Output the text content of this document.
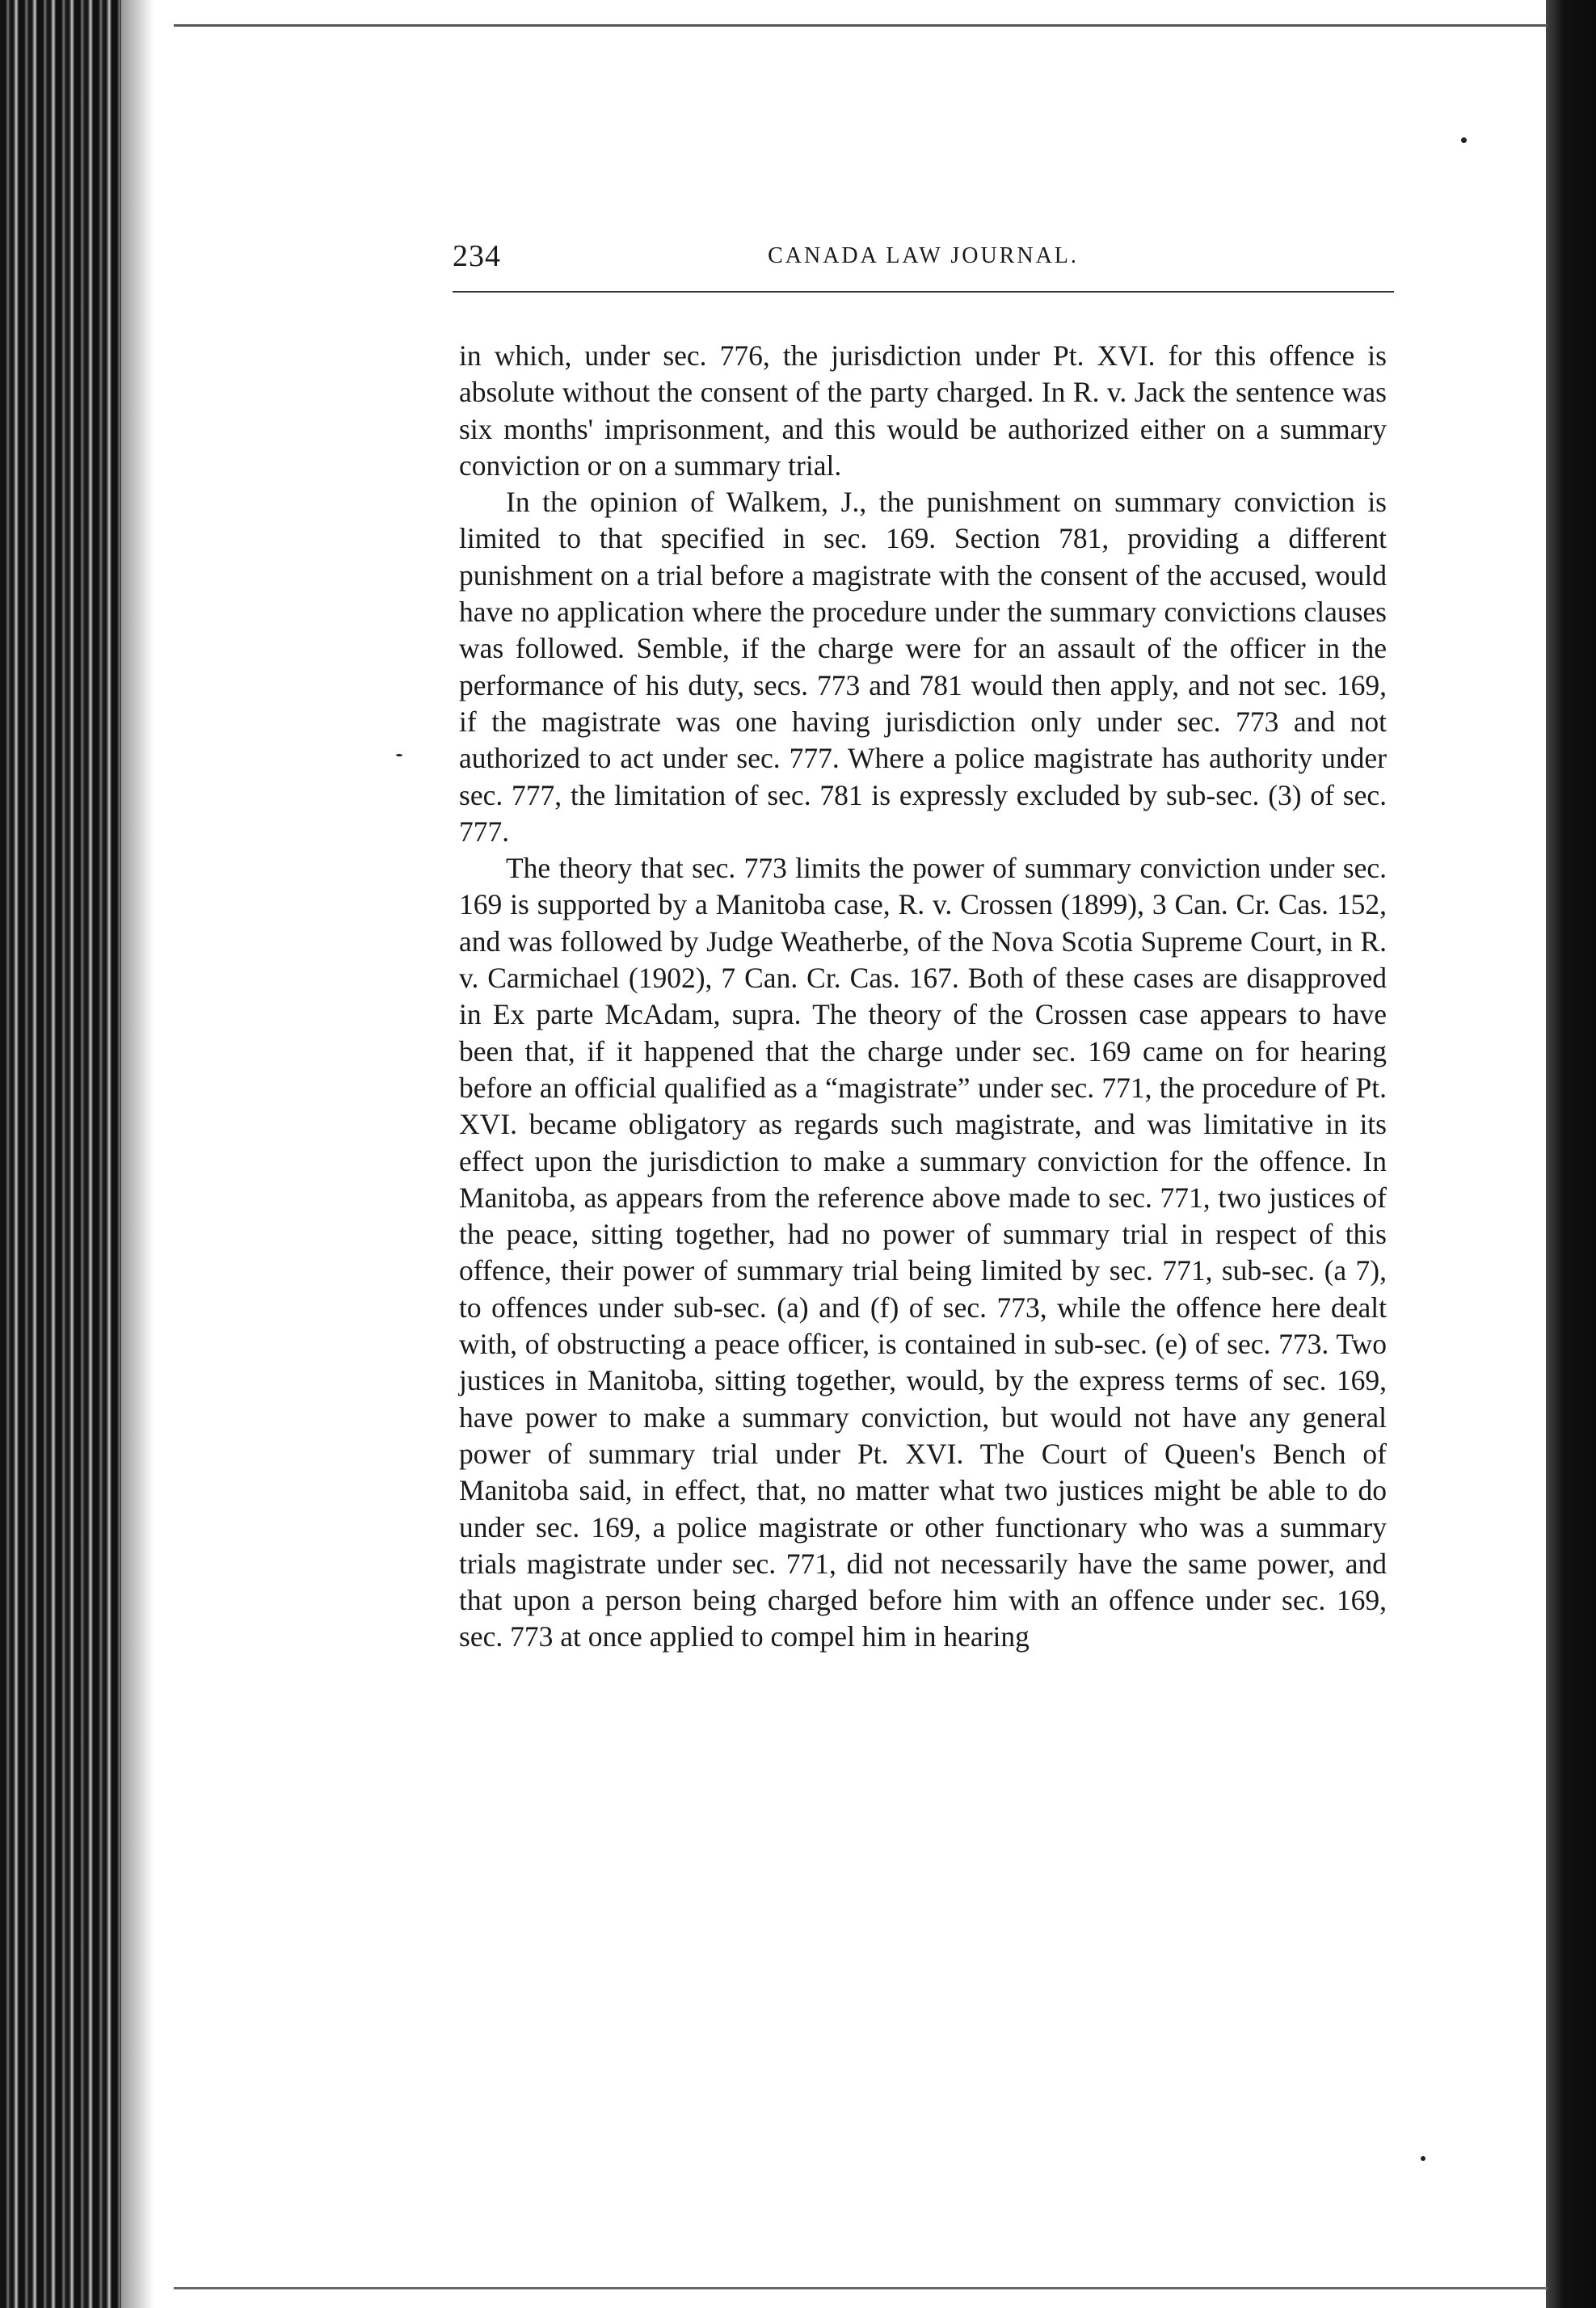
234	CANADA LAW JOURNAL.

in which, under sec. 776, the jurisdiction under Pt. XVI. for this offence is absolute without the consent of the party charged. In R. v. Jack the sentence was six months' imprisonment, and this would be authorized either on a summary conviction or on a summary trial.

In the opinion of Walkem, J., the punishment on summary conviction is limited to that specified in sec. 169. Section 781, providing a different punishment on a trial before a magistrate with the consent of the accused, would have no application where the procedure under the summary convictions clauses was followed. Semble, if the charge were for an assault of the officer in the performance of his duty, secs. 773 and 781 would then apply, and not sec. 169, if the magistrate was one having jurisdiction only under sec. 773 and not authorized to act under sec. 777. Where a police magistrate has authority under sec. 777, the limitation of sec. 781 is expressly excluded by sub-sec. (3) of sec. 777.

The theory that sec. 773 limits the power of summary conviction under sec. 169 is supported by a Manitoba case, R. v. Crossen (1899), 3 Can. Cr. Cas. 152, and was followed by Judge Weatherbe, of the Nova Scotia Supreme Court, in R. v. Carmichael (1902), 7 Can. Cr. Cas. 167. Both of these cases are disapproved in Ex parte McAdam, supra. The theory of the Crossen case appears to have been that, if it happened that the charge under sec. 169 came on for hearing before an official qualified as a “magistrate” under sec. 771, the procedure of Pt. XVI. became obligatory as regards such magistrate, and was limitative in its effect upon the jurisdiction to make a summary conviction for the offence. In Manitoba, as appears from the reference above made to sec. 771, two justices of the peace, sitting together, had no power of summary trial in respect of this offence, their power of summary trial being limited by sec. 771, sub-sec. (a 7), to offences under sub-sec. (a) and (f) of sec. 773, while the offence here dealt with, of obstructing a peace officer, is contained in sub-sec. (e) of sec. 773. Two justices in Manitoba, sitting together, would, by the express terms of sec. 169, have power to make a summary conviction, but would not have any general power of summary trial under Pt. XVI. The Court of Queen's Bench of Manitoba said, in effect, that, no matter what two justices might be able to do under sec. 169, a police magistrate or other functionary who was a summary trials magistrate under sec. 771, did not necessarily have the same power, and that upon a person being charged before him with an offence under sec. 169, sec. 773 at once applied to compel him in hearing
